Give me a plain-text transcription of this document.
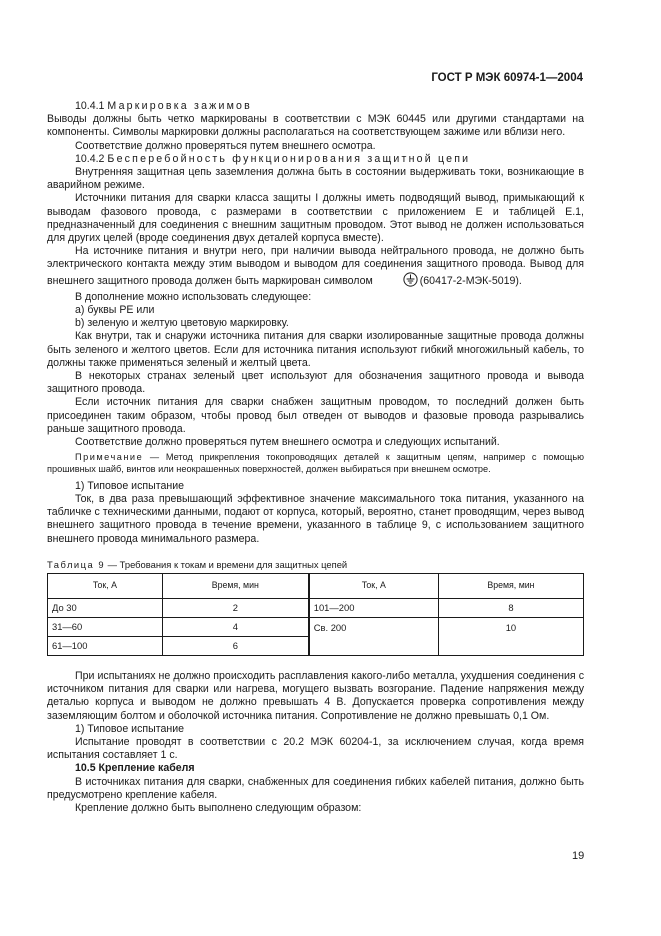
ГОСТ Р МЭК 60974-1—2004

10.4.1 Маркировка зажимов

Выводы должны быть четко маркированы в соответствии с МЭК 60445 или другими стандартами на компоненты. Символы маркировки должны располагаться на соответствующем зажиме или вблизи него.

Соответствие должно проверяться путем внешнего осмотра.

10.4.2 Бесперебойность функционирования защитной цепи

Внутренняя защитная цепь заземления должна быть в состоянии выдерживать токи, возникающие в аварийном режиме.

Источники питания для сварки класса защиты I должны иметь подводящий вывод, примыкающий к выводам фазового провода, с размерами в соответствии с приложением Е и таблицей Е.1, предназначенный для соединения с внешним защитным проводом. Этот вывод не должен использоваться для других целей (вроде соединения двух деталей корпуса вместе).

На источнике питания и внутри него, при наличии вывода нейтрального провода, не должно быть электрического контакта между этим выводом и выводом для соединения защитного провода. Вывод для внешнего защитного провода должен быть маркирован символом	(60417-2-МЭК-5019).

В дополнение можно использовать следующее:

a) буквы РЕ или

b) зеленую и желтую цветовую маркировку.

Как внутри, так и снаружи источника питания для сварки изолированные защитные провода должны быть зеленого и желтого цветов. Если для источника питания используют гибкий многожильный кабель, то должны также применяться зеленый и желтый цвета.

В некоторых странах зеленый цвет используют для обозначения защитного провода и вывода защитного провода.

Если источник питания для сварки снабжен защитным проводом, то последний должен быть присоединен таким образом, чтобы провод был отведен от выводов и фазовые провода разрывались раньше защитного провода.

Соответствие должно проверяться путем внешнего осмотра и следующих испытаний.

Примечание — Метод прикрепления токопроводящих деталей к защитным цепям, например с помощью прошивных шайб, винтов или неокрашенных поверхностей, должен выбираться при внешнем осмотре.

1) Типовое испытание

Ток, в два раза превышающий эффективное значение максимального тока питания, указанного на табличке с техническими данными, подают от корпуса, который, вероятно, станет проводящим, через вывод внешнего защитного провода в течение времени, указанного в таблице 9, с использованием защитного внешнего провода минимального размера.

Таблица 9 — Требования к токам и времени для защитных цепей

Ток, А	Время, мин	Ток, А	Время, мин
До 30	2	101—200	8
31—60	4	Св. 200	10
61—100	6		

При испытаниях не должно происходить расплавления какого-либо металла, ухудшения соединения с источником питания для сварки или нагрева, могущего вызвать возгорание. Падение напряжения между деталью корпуса и выводом не должно превышать 4 В. Допускается проверка сопротивления между заземляющим болтом и оболочкой источника питания. Сопротивление не должно превышать 0,1 Ом.

1) Типовое испытание

Испытание проводят в соответствии с 20.2 МЭК 60204-1, за исключением случая, когда время испытания составляет 1 с.

10.5 Крепление кабеля

В источниках питания для сварки, снабженных для соединения гибких кабелей питания, должно быть предусмотрено крепление кабеля.

Крепление должно быть выполнено следующим образом:

19
